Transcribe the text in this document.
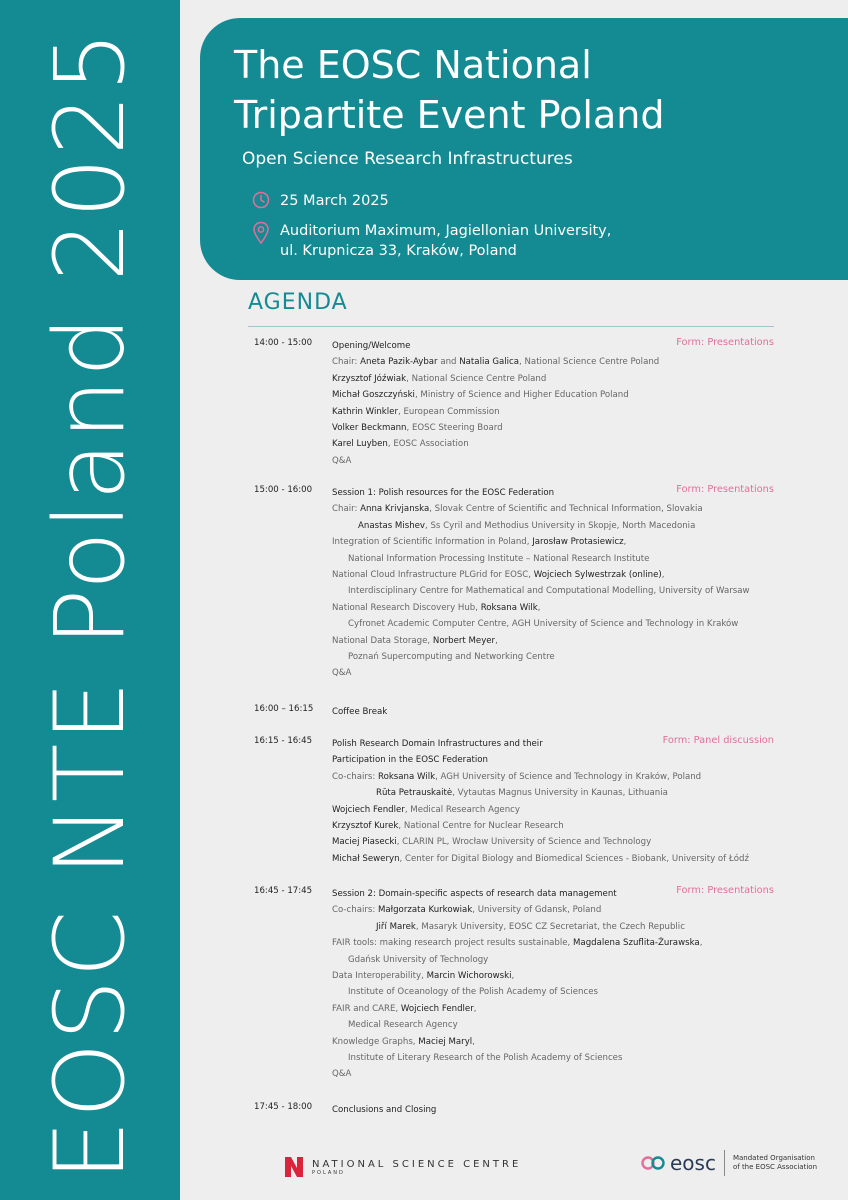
EOSC NTE Poland 2025 The EOSC National
Tripartite Event Poland
Open Science Research Infrastructures
25 March 2025
Auditorium Maximum, Jagiellonian University,
ul. Krupnicza 33, Kraków, Poland
AGENDA
14:00 - 15:00	Form: Presentations
Opening/Welcome
Chair: Aneta Pazik-Aybar and Natalia Galica, National Science Centre Poland
Krzysztof Jóźwiak, National Science Centre Poland
Michał Goszczyński, Ministry of Science and Higher Education Poland
Kathrin Winkler, European Commission
Volker Beckmann, EOSC Steering Board
Karel Luyben, EOSC Association
Q&A
15:00 - 16:00	Form: Presentations
Session 1: Polish resources for the EOSC Federation
Chair: Anna Krivjanska, Slovak Centre of Scientific and Technical Information, Slovakia
Anastas Mishev, Ss Cyril and Methodius University in Skopje, North Macedonia
Integration of Scientific Information in Poland, Jarosław Protasiewicz,
National Information Processing Institute – National Research Institute
National Cloud Infrastructure PLGrid for EOSC, Wojciech Sylwestrzak (online),
Interdisciplinary Centre for Mathematical and Computational Modelling, University of Warsaw
National Research Discovery Hub, Roksana Wilk,
Cyfronet Academic Computer Centre, AGH University of Science and Technology in Kraków
National Data Storage, Norbert Meyer,
Poznań Supercomputing and Networking Centre
Q&A
16:00 – 16:15 Coffee Break
16:15 - 16:45	Form: Panel discussion
Polish Research Domain Infrastructures and their
Participation in the EOSC Federation
Co-chairs: Roksana Wilk, AGH University of Science and Technology in Kraków, Poland
Rūta Petrauskaitė, Vytautas Magnus University in Kaunas, Lithuania
Wojciech Fendler, Medical Research Agency
Krzysztof Kurek, National Centre for Nuclear Research
Maciej Piasecki, CLARIN PL, Wrocław University of Science and Technology
Michał Seweryn, Center for Digital Biology and Biomedical Sciences - Biobank, University of Łódź
16:45 - 17:45	Form: Presentations
Session 2: Domain-specific aspects of research data management
Co-chairs: Małgorzata Kurkowiak, University of Gdansk, Poland
Jiří Marek, Masaryk University, EOSC CZ Secretariat, the Czech Republic
FAIR tools: making research project results sustainable, Magdalena Szuflita-Żurawska,
Gdańsk University of Technology
Data Interoperability, Marcin Wichorowski,
Institute of Oceanology of the Polish Academy of Sciences
FAIR and CARE, Wojciech Fendler,
Medical Research Agency
Knowledge Graphs, Maciej Maryl,
Institute of Literary Research of the Polish Academy of Sciences
Q&A
17:45 - 18:00 Conclusions and Closing
NATIONAL SCIENCE CENTRE
POLAND	eosc Mandated Organisation
of the EOSC Association
